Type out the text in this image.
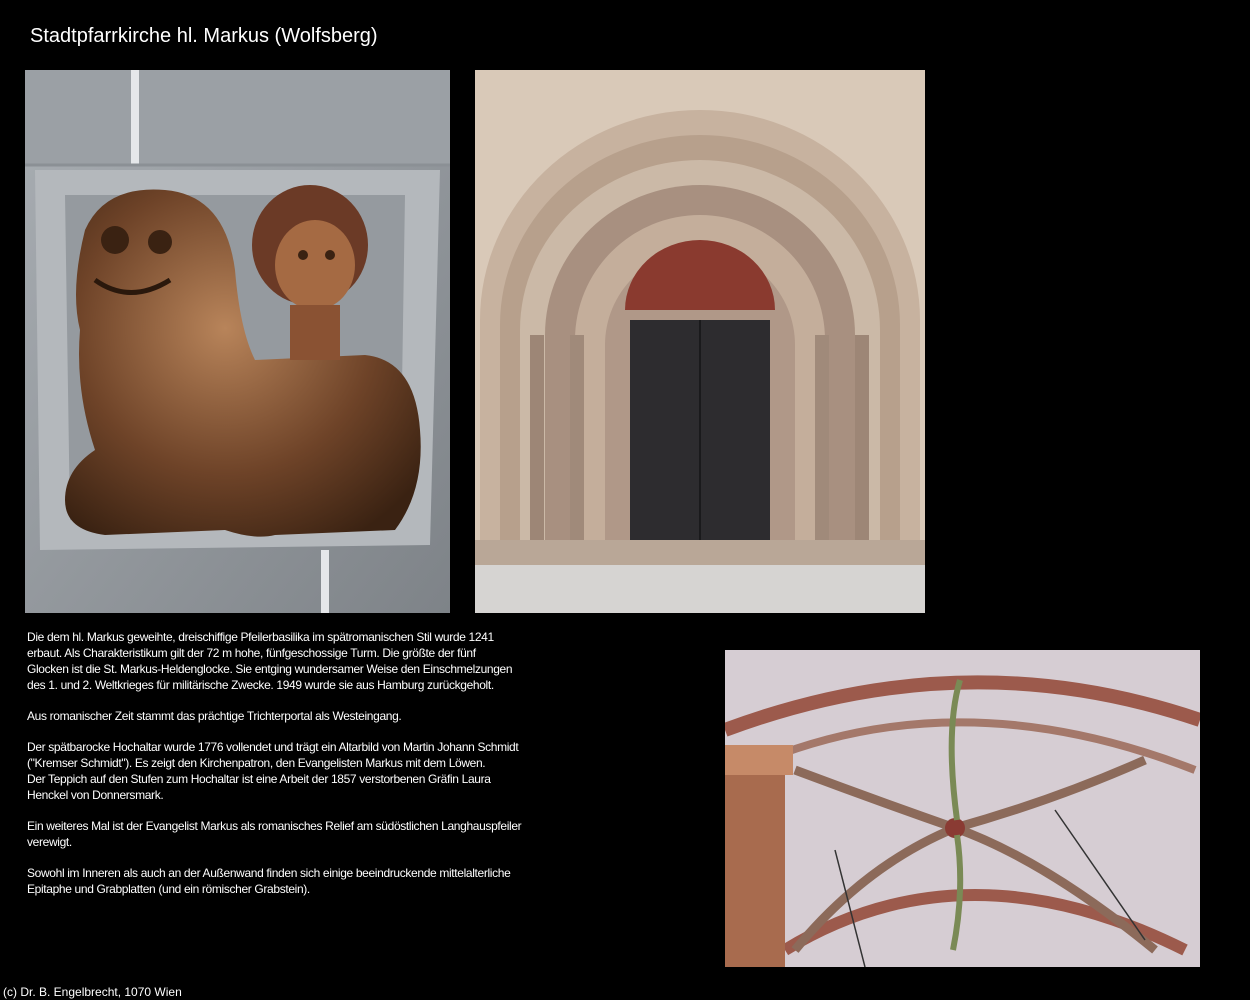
Stadtpfarrkirche hl. Markus (Wolfsberg)

Die dem hl. Markus geweihte, dreischiffige Pfeilerbasilika im spätromanischen Stil wurde 1241
erbaut. Als Charakteristikum gilt der 72 m hohe, fünfgeschossige Turm. Die größte der fünf
Glocken ist die St. Markus-Heldenglocke. Sie entging wundersamer Weise den Einschmelzungen
des 1. und 2. Weltkrieges für militärische Zwecke. 1949 wurde sie aus Hamburg zurückgeholt.

Aus romanischer Zeit stammt das prächtige Trichterportal als Westeingang.

Der spätbarocke Hochaltar wurde 1776 vollendet und trägt ein Altarbild von Martin Johann Schmidt
("Kremser Schmidt"). Es zeigt den Kirchenpatron, den Evangelisten Markus mit dem Löwen.
Der Teppich auf den Stufen zum Hochaltar ist eine Arbeit der 1857 verstorbenen Gräfin Laura
Henckel von Donnersmark.

Ein weiteres Mal ist der Evangelist Markus als romanisches Relief am südöstlichen Langhauspfeiler
verewigt.

Sowohl im Inneren als auch an der Außenwand finden sich einige beeindruckende mittelalterliche
Epitaphe und Grabplatten (und ein römischer Grabstein).

(c) Dr. B. Engelbrecht, 1070 Wien
